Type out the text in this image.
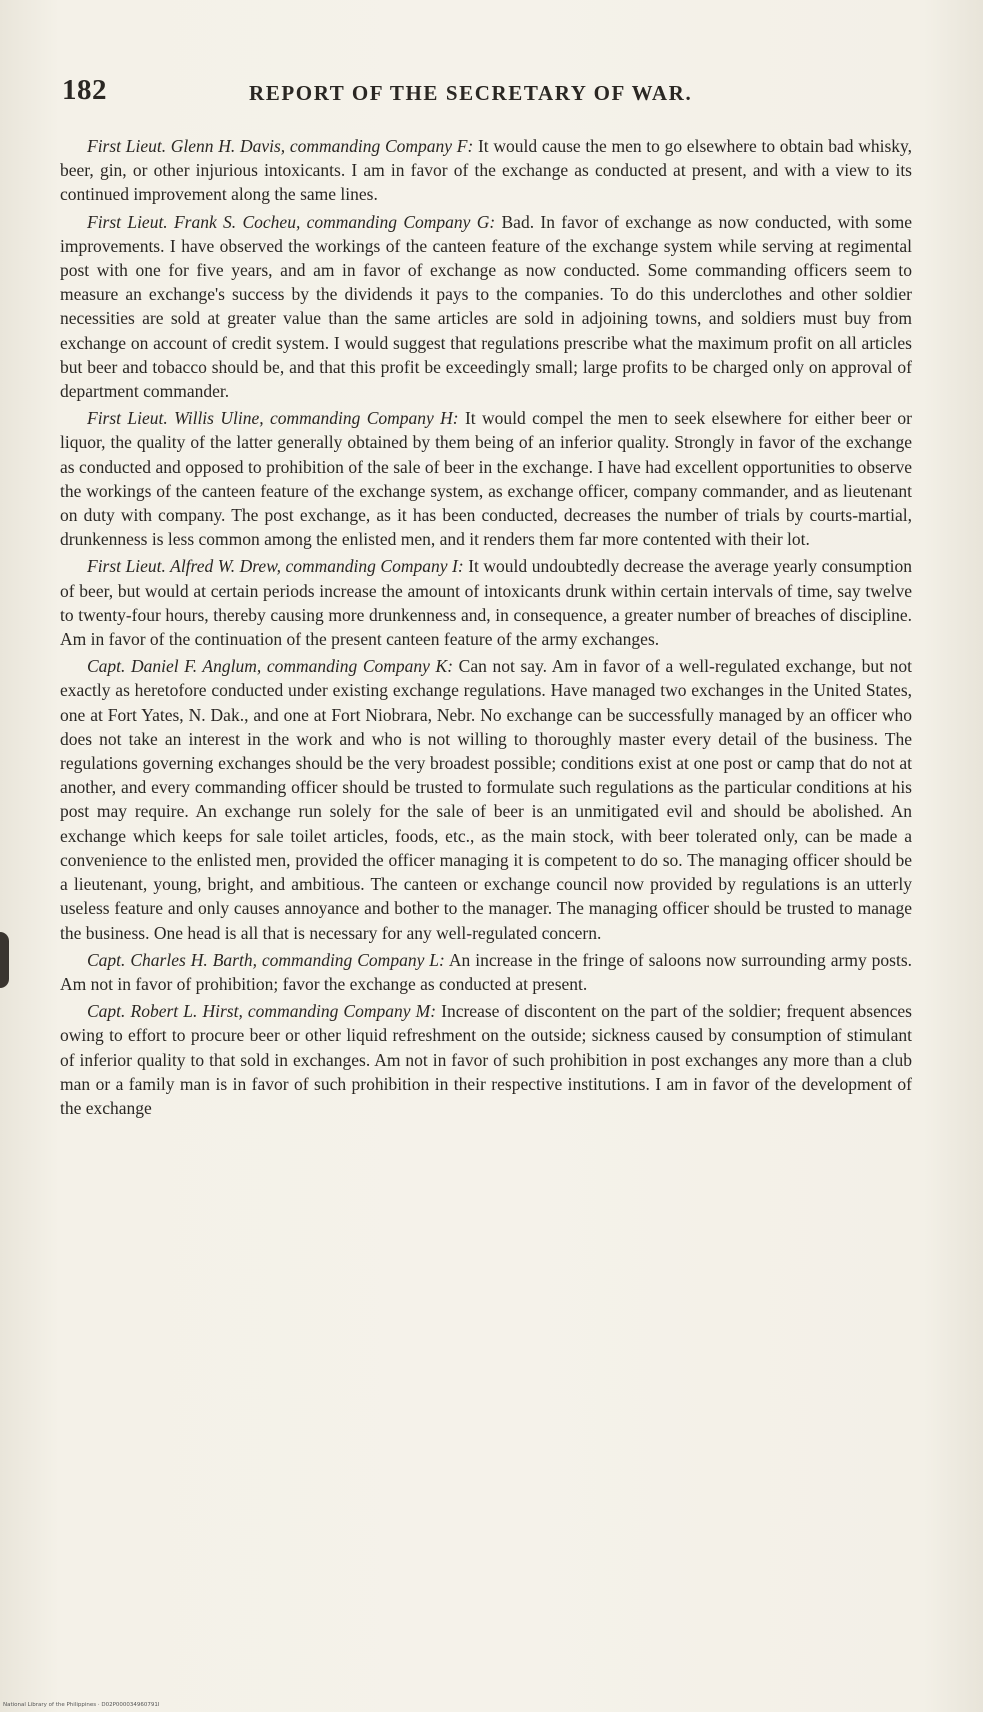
182	REPORT OF THE SECRETARY OF WAR.

First Lieut. Glenn H. Davis, commanding Company F: It would cause the men to go elsewhere to obtain bad whisky, beer, gin, or other injurious intoxicants. I am in favor of the exchange as conducted at present, and with a view to its continued improvement along the same lines.

First Lieut. Frank S. Cocheu, commanding Company G: Bad. In favor of exchange as now conducted, with some improvements. I have observed the workings of the canteen feature of the exchange system while serving at regimental post with one for five years, and am in favor of exchange as now conducted. Some commanding officers seem to measure an exchange's success by the dividends it pays to the companies. To do this underclothes and other soldier necessities are sold at greater value than the same articles are sold in adjoining towns, and soldiers must buy from exchange on account of credit system. I would suggest that regulations prescribe what the maximum profit on all articles but beer and tobacco should be, and that this profit be exceedingly small; large profits to be charged only on approval of department commander.

First Lieut. Willis Uline, commanding Company H: It would compel the men to seek elsewhere for either beer or liquor, the quality of the latter generally obtained by them being of an inferior quality. Strongly in favor of the exchange as conducted and opposed to prohibition of the sale of beer in the exchange. I have had excellent opportunities to observe the workings of the canteen feature of the exchange system, as exchange officer, company commander, and as lieutenant on duty with company. The post exchange, as it has been conducted, decreases the number of trials by courts-martial, drunkenness is less common among the enlisted men, and it renders them far more contented with their lot.

First Lieut. Alfred W. Drew, commanding Company I: It would undoubtedly decrease the average yearly consumption of beer, but would at certain periods increase the amount of intoxicants drunk within certain intervals of time, say twelve to twenty-four hours, thereby causing more drunkenness and, in consequence, a greater number of breaches of discipline. Am in favor of the continuation of the present canteen feature of the army exchanges.

Capt. Daniel F. Anglum, commanding Company K: Can not say. Am in favor of a well-regulated exchange, but not exactly as heretofore conducted under existing exchange regulations. Have managed two exchanges in the United States, one at Fort Yates, N. Dak., and one at Fort Niobrara, Nebr. No exchange can be successfully managed by an officer who does not take an interest in the work and who is not willing to thoroughly master every detail of the business. The regulations governing exchanges should be the very broadest possible; conditions exist at one post or camp that do not at another, and every commanding officer should be trusted to formulate such regulations as the particular conditions at his post may require. An exchange run solely for the sale of beer is an unmitigated evil and should be abolished. An exchange which keeps for sale toilet articles, foods, etc., as the main stock, with beer tolerated only, can be made a convenience to the enlisted men, provided the officer managing it is competent to do so. The managing officer should be a lieutenant, young, bright, and ambitious. The canteen or exchange council now provided by regulations is an utterly useless feature and only causes annoyance and bother to the manager. The managing officer should be trusted to manage the business. One head is all that is necessary for any well-regulated concern.

Capt. Charles H. Barth, commanding Company L: An increase in the fringe of saloons now surrounding army posts. Am not in favor of prohibition; favor the exchange as conducted at present.

Capt. Robert L. Hirst, commanding Company M: Increase of discontent on the part of the soldier; frequent absences owing to effort to procure beer or other liquid refreshment on the outside; sickness caused by consumption of stimulant of inferior quality to that sold in exchanges. Am not in favor of such prohibition in post exchanges any more than a club man or a family man is in favor of such prohibition in their respective institutions. I am in favor of the development of the exchange

National Library of the Philippines · D02P000034960791I
